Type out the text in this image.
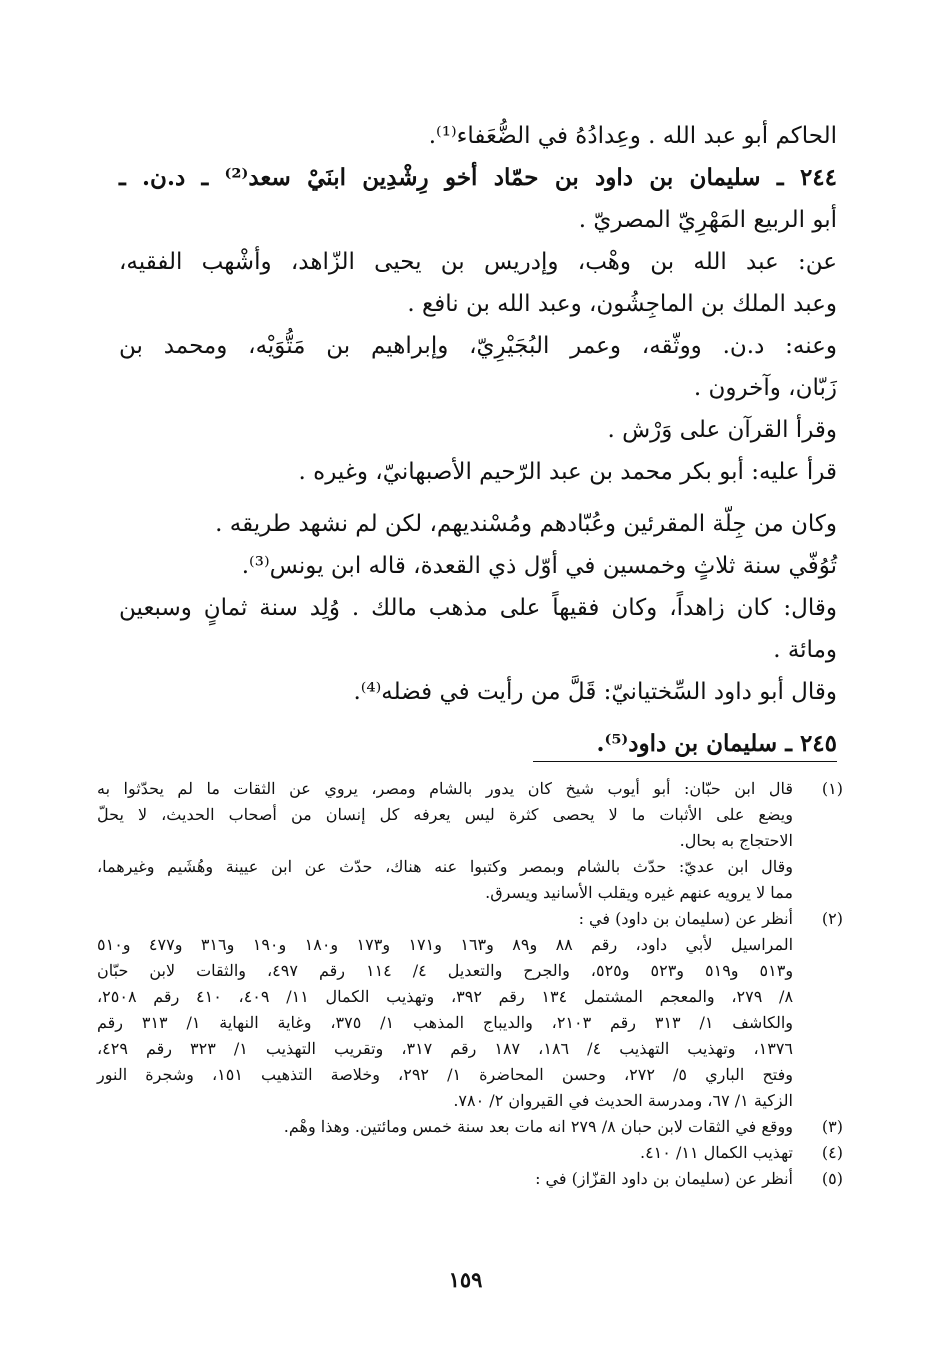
الحاكم أبو عبد الله . وعِدادُهُ في الضُّعَفاء⁽¹⁾.
٢٤٤ ـ سليمان بن داود بن حمّاد أخو رِشْدِين ابنَيْ سعد⁽²⁾ ـ د.ن. ـ
أبو الربيع المَهْرِيّ المصريّ .
عن: عبد الله بن وهْب، وإدريس بن يحيى الزّاهد، وأشْهب الفقيه،
وعبد الملك بن الماجِشُون، وعبد الله بن نافع .
وعنه: د.ن. ووثّقه، وعمر البُجَيْرِيّ، وإبراهيم بن مَتُّوَيْه، ومحمد بن
زَبّان، وآخرون .
وقرأ القرآن على وَرْش .
قرأ عليه: أبو بكر محمد بن عبد الرّحيم الأصبهانيّ، وغيره .
وكان من جِلّة المقرئين وعُبّادهم ومُسْنديهم، لكن لم نشهد طريقه .
تُوُفّي سنة ثلاثٍ وخمسين في أوّل ذي القعدة، قاله ابن يونس⁽³⁾.
وقال: كان زاهداً، وكان فقيهاً على مذهب مالك . وُلِد سنة ثمانٍ وسبعين
ومائة .
وقال أبو داود السِّختيانيّ: قَلَّ من رأيت في فضله⁽⁴⁾.
٢٤٥ ـ سليمان بن داود⁽⁵⁾.
(١)
قال ابن حبّان: أبو أيوب شيخ كان يدور بالشام ومصر، يروي عن الثقات ما لم يحدّثوا به
ويضع على الأثبات ما لا يحصى كثرة ليس يعرفه كل إنسان من أصحاب الحديث، لا يحلّ
الاحتجاج به بحال.
وقال ابن عديّ: حدّث بالشام وبمصر وكتبوا عنه هناك، حدّث عن ابن عيينة وهُشَيم وغيرهما،
مما لا يرويه عنهم غيره ويقلب الأسانيد ويسرق.
(٢)
أنظر عن (سليمان بن داود) في :
المراسيل لأبي داود، رقم ٨٨ و٨٩ و١٦٣ و١٧١ و١٧٣ و١٨٠ و١٩٠ و٣١٦ و٤٧٧ و٥١٠
و٥١٣ و٥١٩ و٥٢٣ و٥٢٥، والجرح والتعديل ٤/ ١١٤ رقم ٤٩٧، والثقات لابن حبّان
٨/ ٢٧٩، والمعجم المشتمل ١٣٤ رقم ٣٩٢، وتهذيب الكمال ١١/ ٤٠٩، ٤١٠ رقم ٢٥٠٨،
والكاشف ١/ ٣١٣ رقم ٢١٠٣، والديباج المذهب ١/ ٣٧٥، وغاية النهاية ١/ ٣١٣ رقم
١٣٧٦، وتهذيب التهذيب ٤/ ١٨٦، ١٨٧ رقم ٣١٧، وتقريب التهذيب ١/ ٣٢٣ رقم ٤٢٩،
وفتح الباري ٥/ ٢٧٢، وحسن المحاضرة ١/ ٢٩٢، وخلاصة التذهيب ١٥١، وشجرة النور
الزكية ١/ ٦٧، ومدرسة الحديث في القيروان ٢/ ٧٨٠.
(٣)
ووقع في الثقات لابن حبان ٨/ ٢٧٩ انه مات بعد سنة خمس ومائتين. وهذا وهْم.
(٤)
تهذيب الكمال ١١/ ٤١٠.
(٥)
أنظر عن (سليمان بن داود القزّاز) في :
١٥٩
